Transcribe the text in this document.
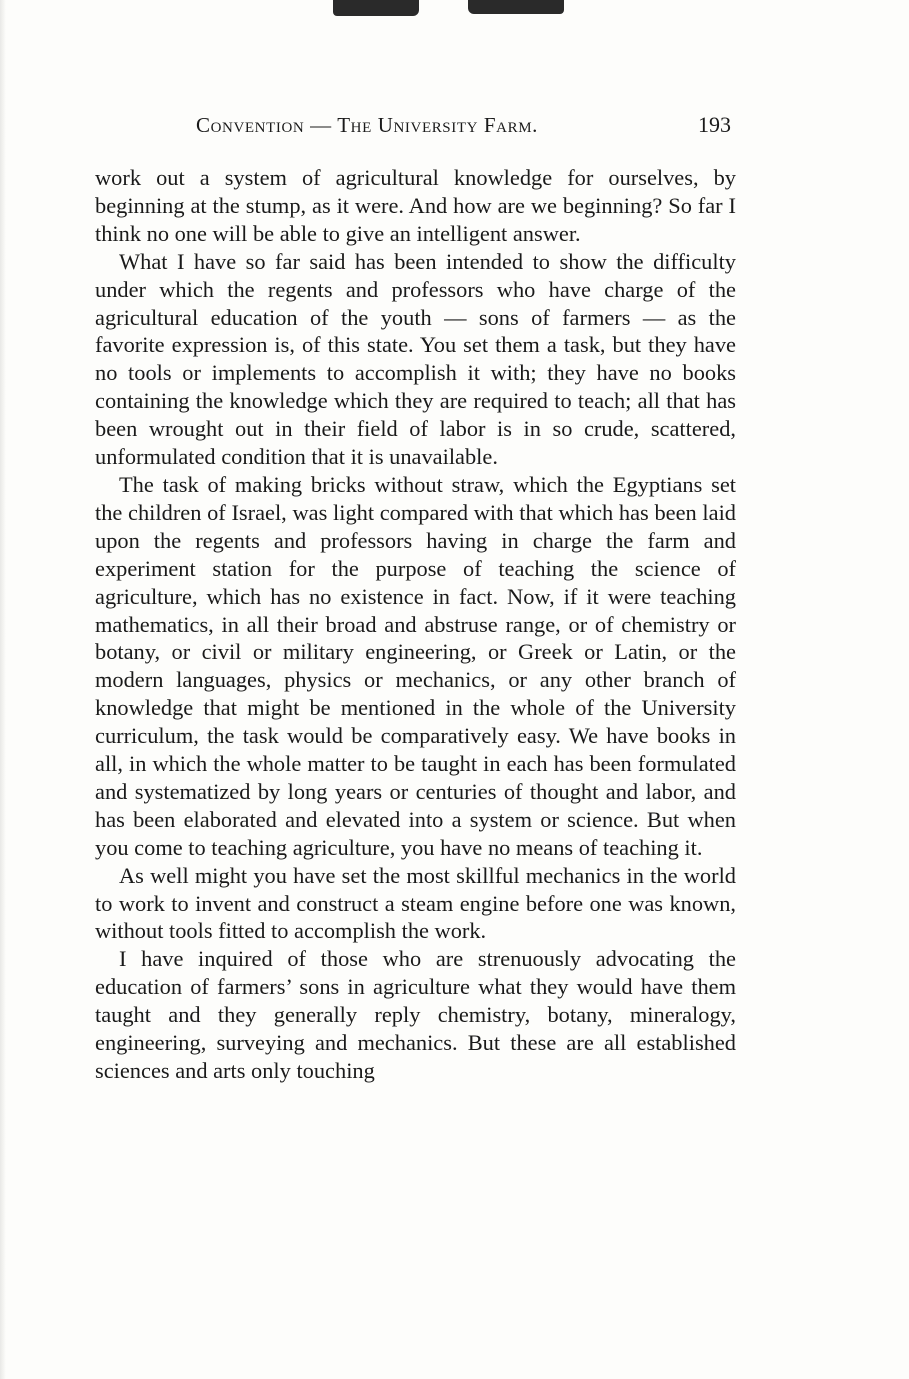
Convention — The University Farm.	193

work out a system of agricultural knowledge for ourselves, by beginning at the stump, as it were. And how are we beginning? So far I think no one will be able to give an intelligent answer.

What I have so far said has been intended to show the difficulty under which the regents and professors who have charge of the agricultural education of the youth — sons of farmers — as the favorite expression is, of this state. You set them a task, but they have no tools or implements to accomplish it with; they have no books containing the knowledge which they are required to teach; all that has been wrought out in their field of labor is in so crude, scattered, unformulated condition that it is unavailable.

The task of making bricks without straw, which the Egyptians set the children of Israel, was light compared with that which has been laid upon the regents and professors having in charge the farm and experiment station for the purpose of teaching the science of agriculture, which has no existence in fact. Now, if it were teaching mathematics, in all their broad and abstruse range, or of chemistry or botany, or civil or military engineering, or Greek or Latin, or the modern languages, physics or mechanics, or any other branch of knowledge that might be mentioned in the whole of the University curriculum, the task would be comparatively easy. We have books in all, in which the whole matter to be taught in each has been formulated and systematized by long years or centuries of thought and labor, and has been elaborated and elevated into a system or science. But when you come to teaching agriculture, you have no means of teaching it.

As well might you have set the most skillful mechanics in the world to work to invent and construct a steam engine before one was known, without tools fitted to accomplish the work.

I have inquired of those who are strenuously advocating the education of farmers’ sons in agriculture what they would have them taught and they generally reply chemistry, botany, mineralogy, engineering, surveying and mechanics. But these are all established sciences and arts only touching
